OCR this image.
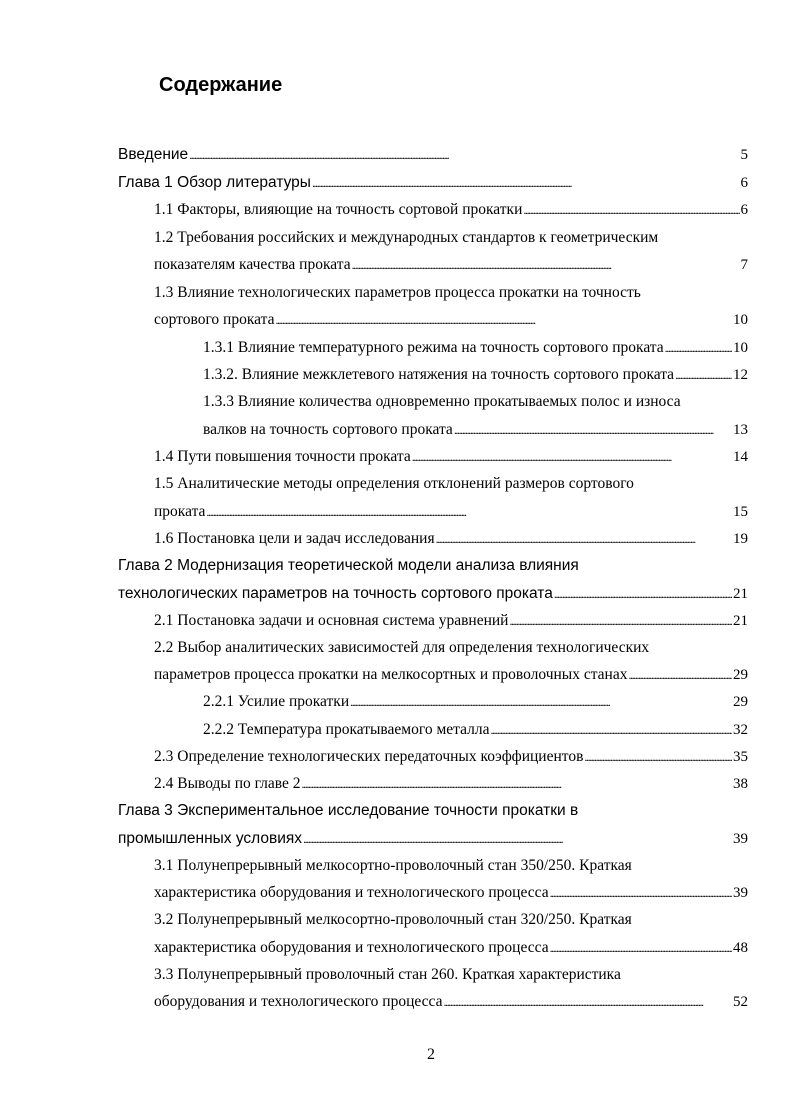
Содержание
Введение . . .	5
Глава 1 Обзор литературы . . .	6
1.1 Факторы, влияющие на точность сортовой прокатки . . .	6
1.2 Требования российских и международных стандартов к геометрическим
показателям качества проката . . .	7
1.3 Влияние технологических параметров процесса прокатки на точность
сортового проката . . .	10
1.3.1 Влияние температурного режима на точность сортового проката . . .	10
1.3.2. Влияние межклетевого натяжения на точность сортового проката . . .	12
1.3.3 Влияние количества одновременно прокатываемых полос и износа
валков на точность сортового проката . . .	13
1.4 Пути повышения точности проката . . .	14
1.5 Аналитические методы определения отклонений размеров сортового
проката . . .	15
1.6 Постановка цели и задач исследования . . .	19
Глава 2 Модернизация теоретической модели анализа влияния
технологических параметров на точность сортового проката . . .	21
2.1 Постановка задачи и основная система уравнений . . .	21
2.2 Выбор аналитических зависимостей для определения технологических
параметров процесса прокатки на мелкосортных и проволочных станах . . .	29
2.2.1 Усилие прокатки . . .	29
2.2.2 Температура прокатываемого металла . . .	32
2.3 Определение технологических передаточных коэффициентов . . .	35
2.4 Выводы по главе 2 . . .	38
Глава 3 Экспериментальное исследование точности прокатки в
промышленных условиях . . .	39
3.1 Полунепрерывный мелкосортно-проволочный стан 350/250. Краткая
характеристика оборудования и технологического процесса . . .	39
3.2 Полунепрерывный мелкосортно-проволочный стан 320/250. Краткая
характеристика оборудования и технологического процесса . . .	48
3.3 Полунепрерывный проволочный стан 260. Краткая характеристика
оборудования и технологического процесса . . .	52
2
